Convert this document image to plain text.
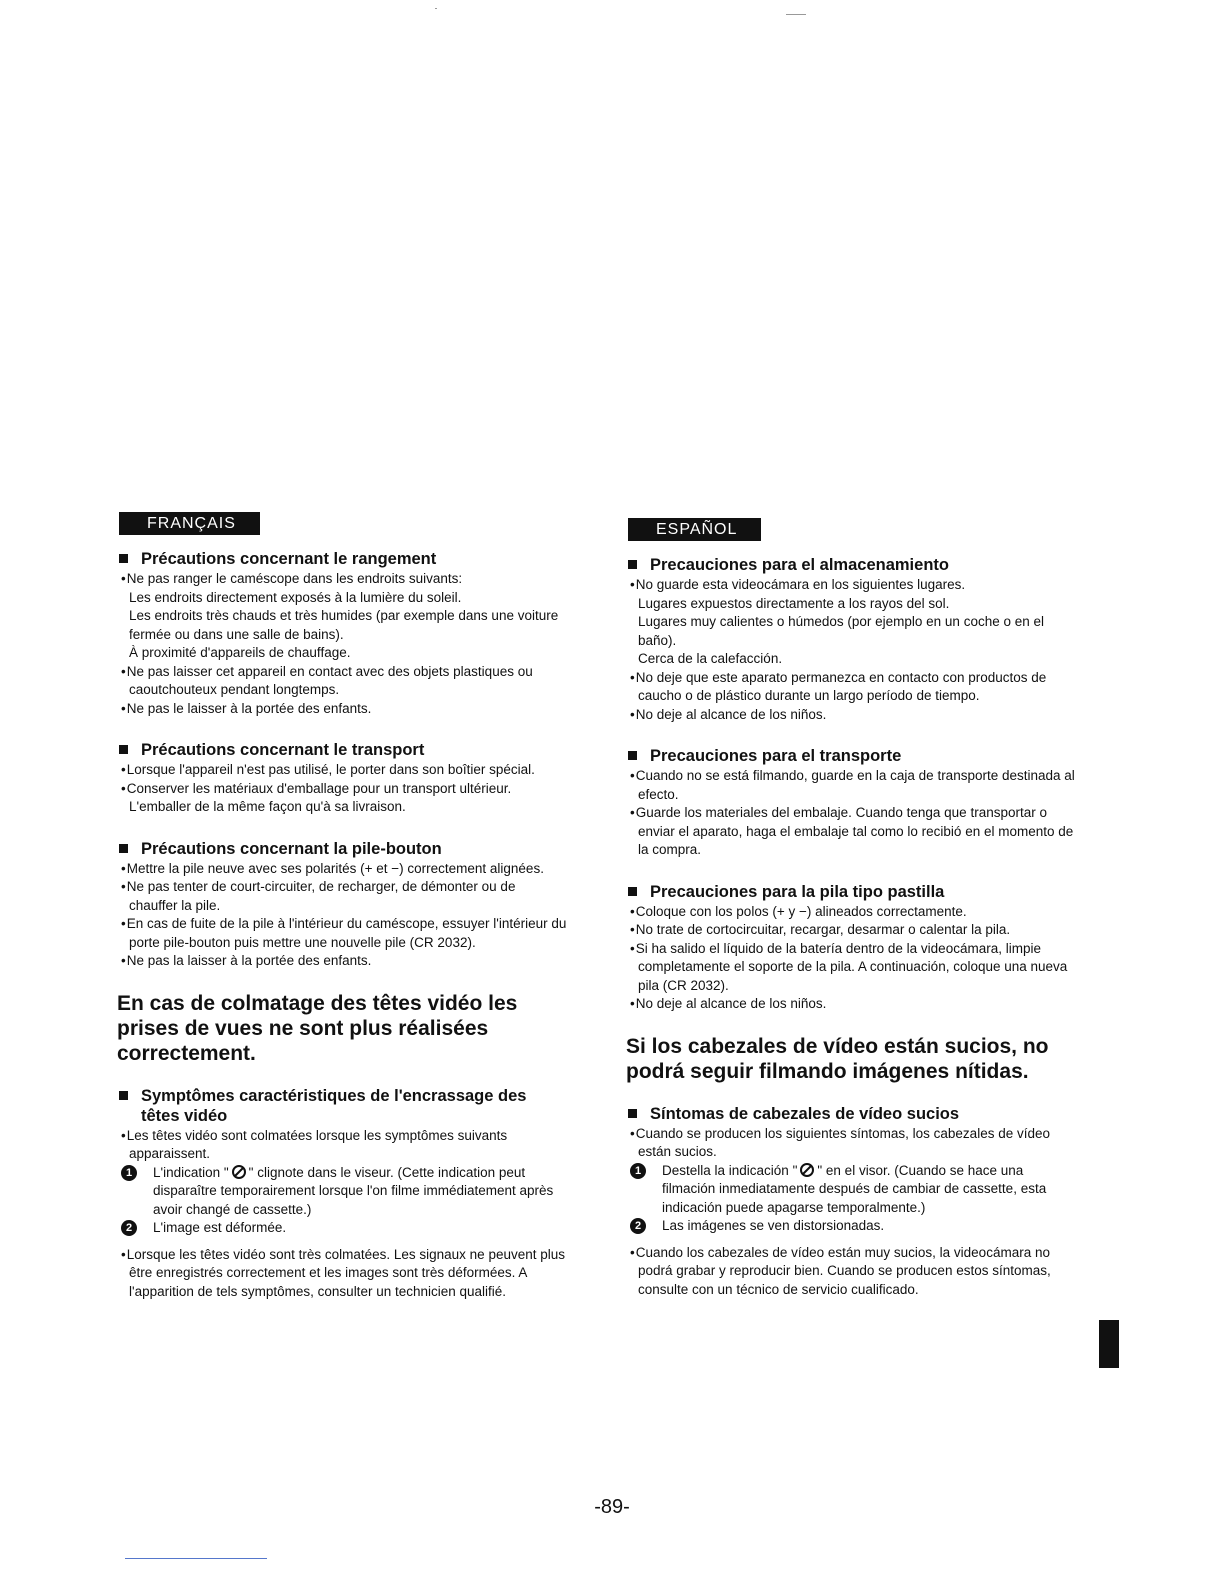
FRANÇAIS
Précautions concernant le rangement
• Ne pas ranger le caméscope dans les endroits suivants:
Les endroits directement exposés à la lumière du soleil.
Les endroits très chauds et très humides (par exemple dans une voiture fermée ou dans une salle de bains).
À proximité d'appareils de chauffage.
• Ne pas laisser cet appareil en contact avec des objets plastiques ou caoutchouteux pendant longtemps.
• Ne pas le laisser à la portée des enfants.
Précautions concernant le transport
• Lorsque l'appareil n'est pas utilisé, le porter dans son boîtier spécial.
• Conserver les matériaux d'emballage pour un transport ultérieur. L'emballer de la même façon qu'à sa livraison.
Précautions concernant la pile-bouton
• Mettre la pile neuve avec ses polarités (+ et −) correctement alignées.
• Ne pas tenter de court-circuiter, de recharger, de démonter ou de chauffer la pile.
• En cas de fuite de la pile à l'intérieur du caméscope, essuyer l'intérieur du porte pile-bouton puis mettre une nouvelle pile (CR 2032).
• Ne pas la laisser à la portée des enfants.
En cas de colmatage des têtes vidéo les prises de vues ne sont plus réalisées correctement.
Symptômes caractéristiques de l'encrassage des têtes vidéo
• Les têtes vidéo sont colmatées lorsque les symptômes suivants apparaissent.
1	L'indication " " clignote dans le viseur. (Cette indication peut disparaître temporairement lorsque l'on filme immédiatement après avoir changé de cassette.)
2	L'image est déformée.
• Lorsque les têtes vidéo sont très colmatées. Les signaux ne peuvent plus être enregistrés correctement et les images sont très déformées. A l'apparition de tels symptômes, consulter un technicien qualifié.
ESPAÑOL
Precauciones para el almacenamiento
• No guarde esta videocámara en los siguientes lugares.
Lugares expuestos directamente a los rayos del sol.
Lugares muy calientes o húmedos (por ejemplo en un coche o en el baño).
Cerca de la calefacción.
• No deje que este aparato permanezca en contacto con productos de caucho o de plástico durante un largo período de tiempo.
• No deje al alcance de los niños.
Precauciones para el transporte
• Cuando no se está filmando, guarde en la caja de transporte destinada al efecto.
• Guarde los materiales del embalaje. Cuando tenga que transportar o enviar el aparato, haga el embalaje tal como lo recibió en el momento de la compra.
Precauciones para la pila tipo pastilla
• Coloque con los polos (+ y −) alineados correctamente.
• No trate de cortocircuitar, recargar, desarmar o calentar la pila.
• Si ha salido el líquido de la batería dentro de la videocámara, limpie completamente el soporte de la pila. A continuación, coloque una nueva pila (CR 2032).
• No deje al alcance de los niños.
Si los cabezales de vídeo están sucios, no podrá seguir filmando imágenes nítidas.
Síntomas de cabezales de vídeo sucios
• Cuando se producen los siguientes síntomas, los cabezales de vídeo están sucios.
1	Destella la indicación " " en el visor. (Cuando se hace una filmación inmediatamente después de cambiar de cassette, esta indicación puede apagarse temporalmente.)
2	Las imágenes se ven distorsionadas.
• Cuando los cabezales de vídeo están muy sucios, la videocámara no podrá grabar y reproducir bien. Cuando se producen estos síntomas, consulte con un técnico de servicio cualificado.
-89-
